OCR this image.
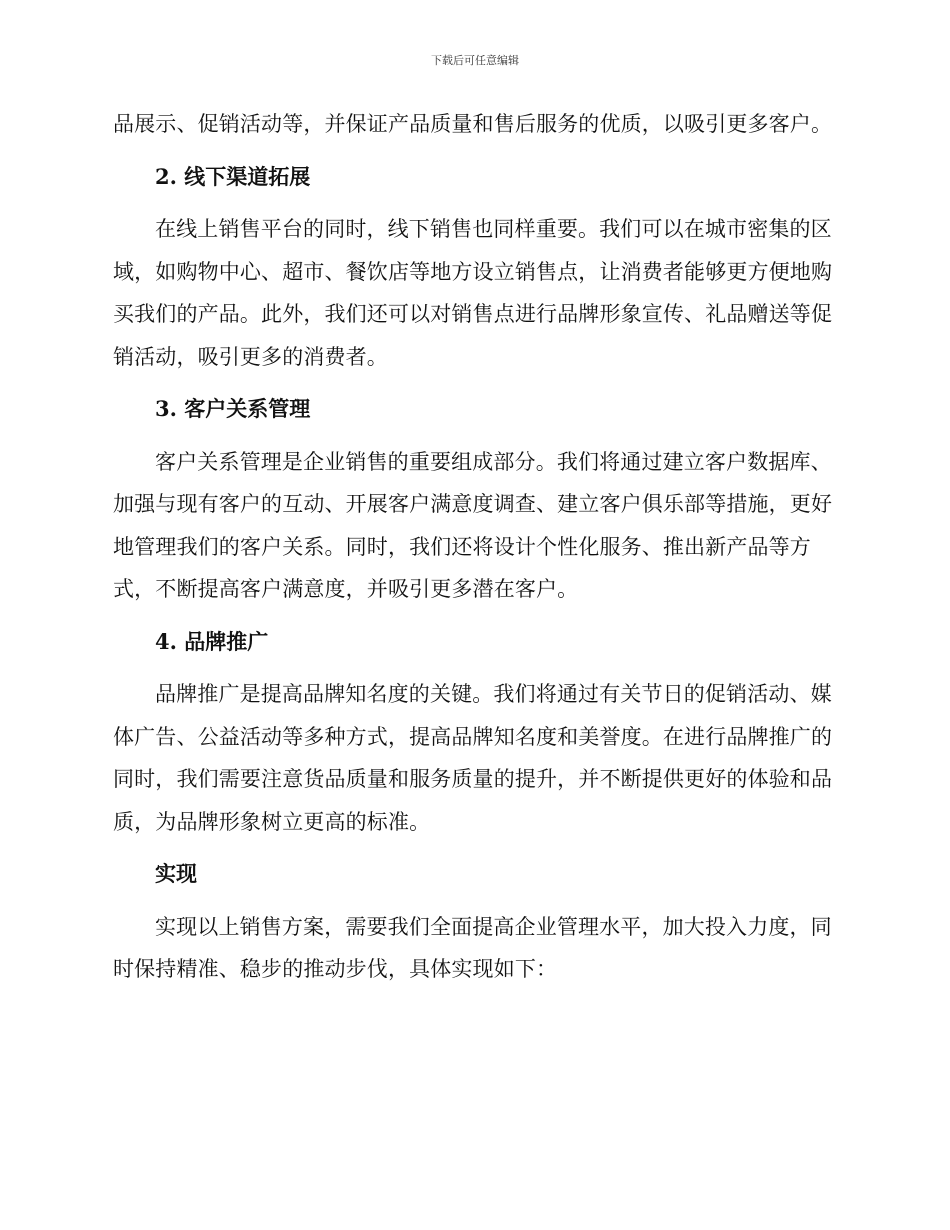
下载后可任意编辑

品展示、促销活动等，并保证产品质量和售后服务的优质，以吸引更多客户。

2. 线下渠道拓展

在线上销售平台的同时，线下销售也同样重要。我们可以在城市密集的区域，如购物中心、超市、餐饮店等地方设立销售点，让消费者能够更方便地购买我们的产品。此外，我们还可以对销售点进行品牌形象宣传、礼品赠送等促销活动，吸引更多的消费者。

3. 客户关系管理

客户关系管理是企业销售的重要组成部分。我们将通过建立客户数据库、加强与现有客户的互动、开展客户满意度调查、建立客户俱乐部等措施，更好地管理我们的客户关系。同时，我们还将设计个性化服务、推出新产品等方式，不断提高客户满意度，并吸引更多潜在客户。

4. 品牌推广

品牌推广是提高品牌知名度的关键。我们将通过有关节日的促销活动、媒体广告、公益活动等多种方式，提高品牌知名度和美誉度。在进行品牌推广的同时，我们需要注意货品质量和服务质量的提升，并不断提供更好的体验和品质，为品牌形象树立更高的标准。

实现

实现以上销售方案，需要我们全面提高企业管理水平，加大投入力度，同时保持精准、稳步的推动步伐，具体实现如下：
